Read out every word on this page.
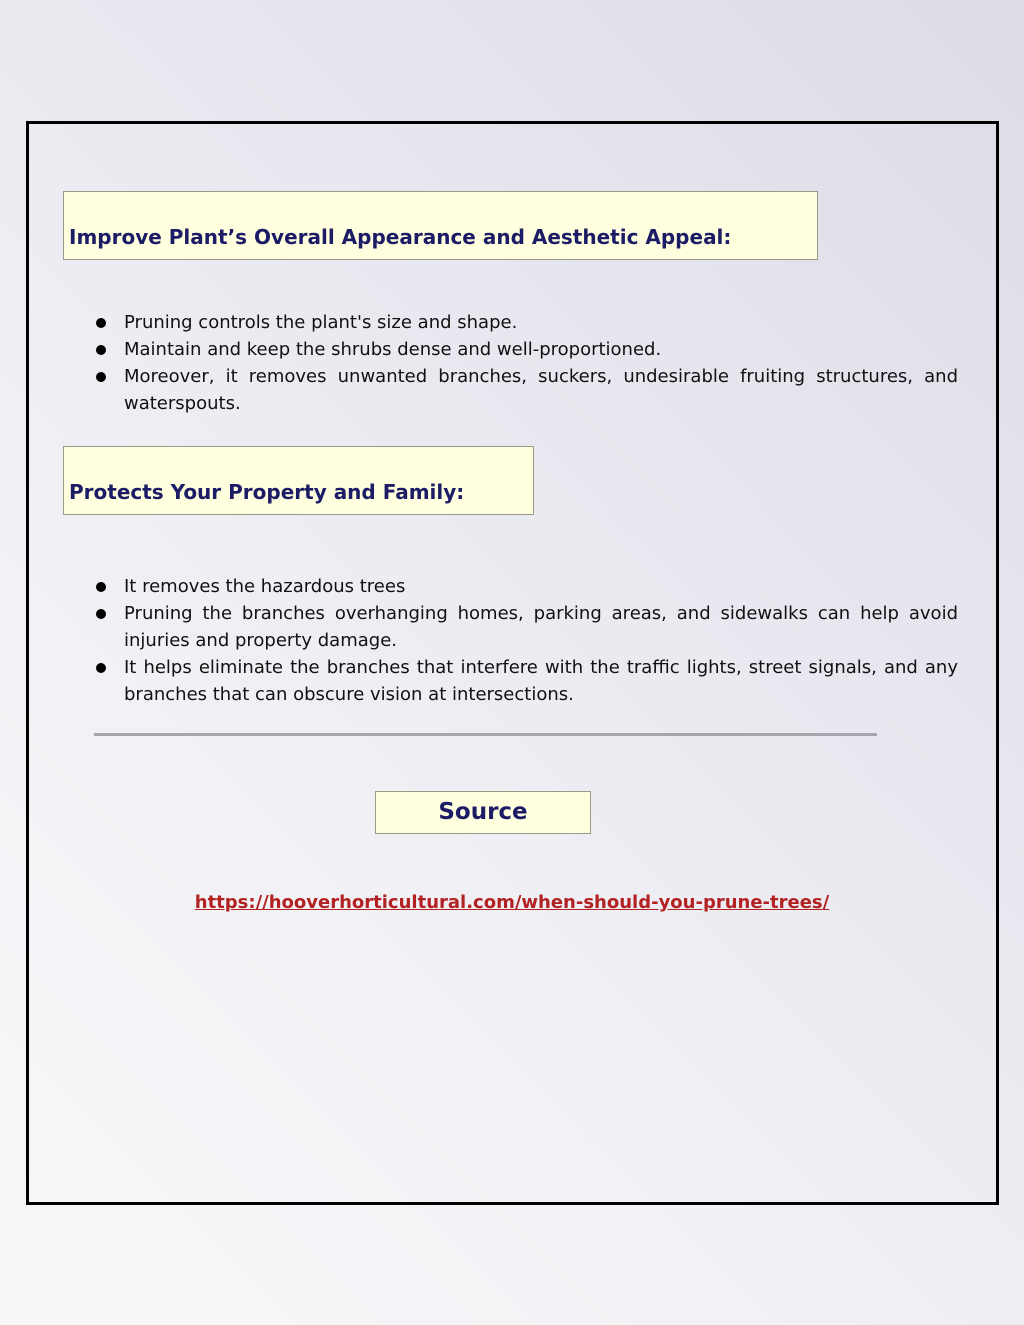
Improve Plant’s Overall Appearance and Aesthetic Appeal:
Pruning controls the plant's size and shape.
Maintain and keep the shrubs dense and well-proportioned.
Moreover, it removes unwanted branches, suckers, undesirable fruiting structures, and waterspouts.
Protects Your Property and Family:
It removes the hazardous trees
Pruning the branches overhanging homes, parking areas, and sidewalks can help avoid injuries and property damage.
It helps eliminate the branches that interfere with the traffic lights, street signals, and any branches that can obscure vision at intersections.
Source
https://hooverhorticultural.com/when-should-you-prune-trees/
